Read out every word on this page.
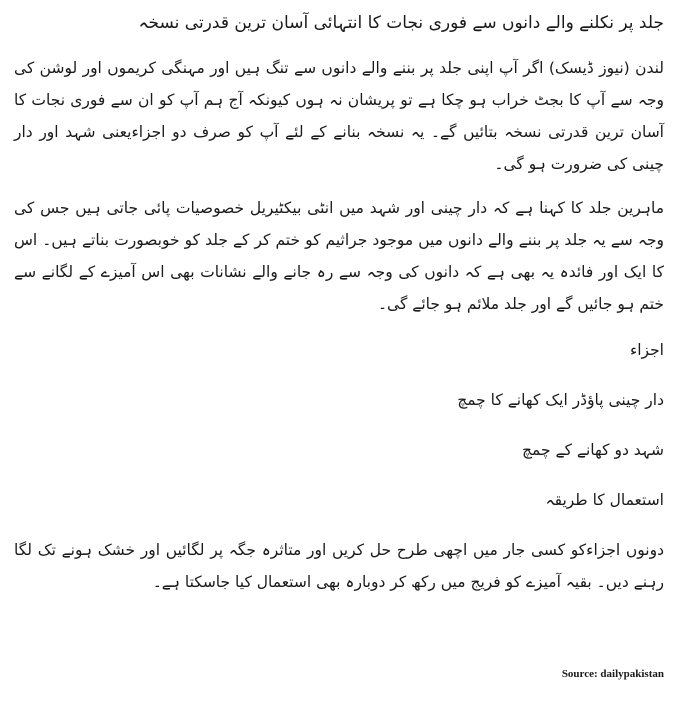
جلد پر نکلنے والے دانوں سے فوری نجات کا انتہائی آسان ترین قدرتی نسخہ

لندن (نیوز ڈیسک) اگر آپ اپنی جلد پر بننے والے دانوں سے تنگ ہیں اور مہنگی کریموں اور لوشن کی وجہ سے آپ کا بجٹ خراب ہو چکا ہے تو پریشان نہ ہوں کیونکہ آج ہم آپ کو ان سے فوری نجات کا آسان ترین قدرتی نسخہ بتائیں گے۔ یہ نسخہ بنانے کے لئے آپ کو صرف دو اجزاءیعنی شہد اور دار چینی کی ضرورت ہو گی۔

ماہرین جلد کا کہنا ہے کہ دار چینی اور شہد میں انٹی بیکٹیریل خصوصیات پائی جاتی ہیں جس کی وجہ سے یہ جلد پر بننے والے دانوں میں موجود جراثیم کو ختم کر کے جلد کو خوبصورت بناتے ہیں۔ اس کا ایک اور فائدہ یہ بھی ہے کہ دانوں کی وجہ سے رہ جانے والے نشانات بھی اس آمیزے کے لگانے سے ختم ہو جائیں گے اور جلد ملائم ہو جائے گی۔

اجزاء
دار چینی پاؤڈر ایک کھانے کا چمچ
شہد دو کھانے کے چمچ
استعمال کا طریقہ

دونوں اجزاءکو کسی جار میں اچھی طرح حل کریں اور متاثرہ جگہ پر لگائیں اور خشک ہونے تک لگا رہنے دیں۔ بقیہ آمیزے کو فریج میں رکھ کر دوبارہ بھی استعمال کیا جاسکتا ہے۔

Source: dailypakistan
